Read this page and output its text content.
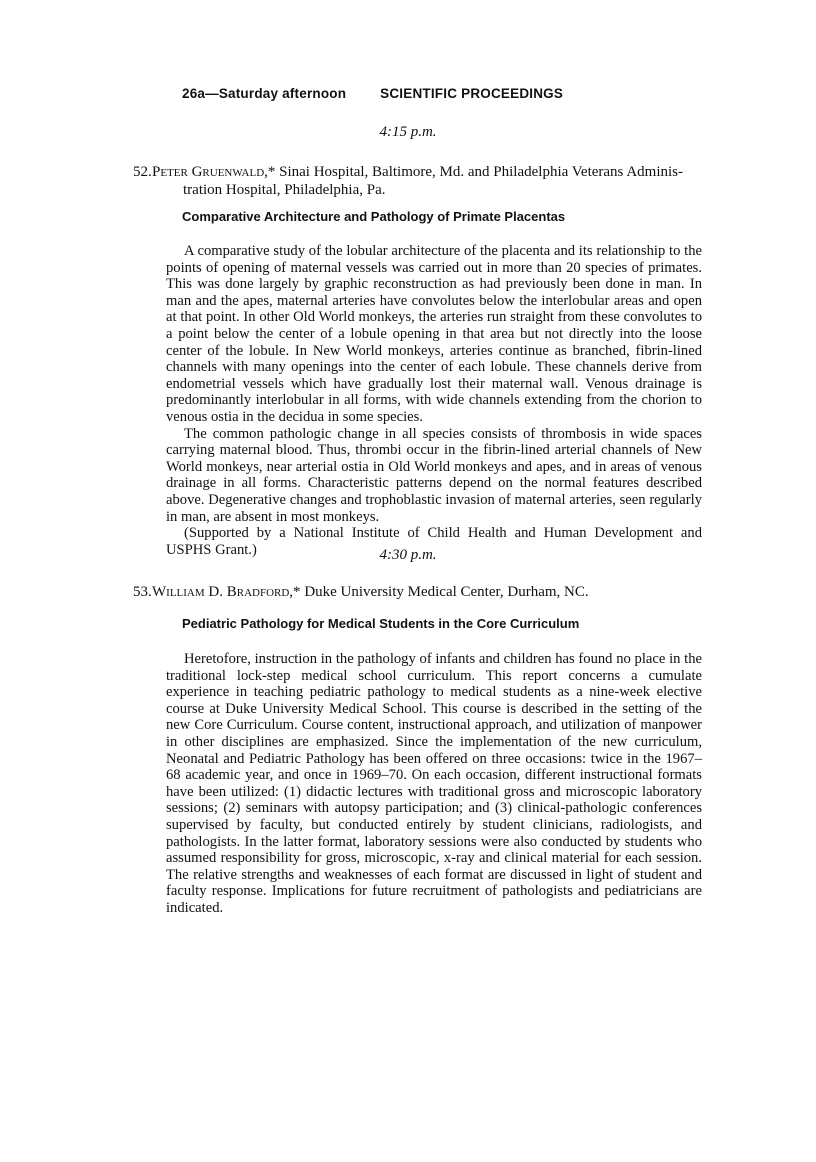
26a—Saturday afternoon	SCIENTIFIC PROCEEDINGS
4:15 p.m.
52. Peter Gruenwald,* Sinai Hospital, Baltimore, Md. and Philadelphia Veterans Adminis-
tration Hospital, Philadelphia, Pa.
Comparative Architecture and Pathology of Primate Placentas

A comparative study of the lobular architecture of the placenta and its relationship to the points of opening of maternal vessels was carried out in more than 20 species of primates. This was done largely by graphic reconstruction as had previously been done in man. In man and the apes, maternal arteries have convolutes below the interlobular areas and open at that point. In other Old World monkeys, the arteries run straight from these convolutes to a point below the center of a lobule opening in that area but not directly into the loose center of the lobule. In New World monkeys, arteries continue as branched, fibrin-lined channels with many openings into the center of each lobule. These channels derive from endometrial vessels which have gradually lost their maternal wall. Venous drainage is predominantly interlobular in all forms, with wide channels extending from the chorion to venous ostia in the decidua in some species.

The common pathologic change in all species consists of thrombosis in wide spaces carrying maternal blood. Thus, thrombi occur in the fibrin-lined arterial channels of New World monkeys, near arterial ostia in Old World monkeys and apes, and in areas of venous drainage in all forms. Characteristic patterns depend on the normal features described above. Degenerative changes and trophoblastic invasion of maternal arteries, seen regularly in man, are absent in most monkeys.

(Supported by a National Institute of Child Health and Human Development and USPHS Grant.)	4:30 p.m.
53. William D. Bradford,* Duke University Medical Center, Durham, NC.
Pediatric Pathology for Medical Students in the Core Curriculum

Heretofore, instruction in the pathology of infants and children has found no place in the traditional lock-step medical school curriculum. This report concerns a cumulate experience in teaching pediatric pathology to medical students as a nine-week elective course at Duke University Medical School. This course is described in the setting of the new Core Curriculum. Course content, instructional approach, and utilization of manpower in other disciplines are emphasized. Since the implementation of the new curriculum, Neonatal and Pediatric Pathology has been offered on three occasions: twice in the 1967–68 academic year, and once in 1969–70. On each occasion, different instructional formats have been utilized: (1) didactic lectures with traditional gross and microscopic laboratory sessions; (2) seminars with autopsy participation; and (3) clinical-pathologic conferences supervised by faculty, but conducted entirely by student clinicians, radiologists, and pathologists. In the latter format, laboratory sessions were also conducted by students who assumed responsibility for gross, microscopic, x-ray and clinical material for each session. The relative strengths and weaknesses of each format are discussed in light of student and faculty response. Implications for future recruitment of pathologists and pediatricians are indicated.
